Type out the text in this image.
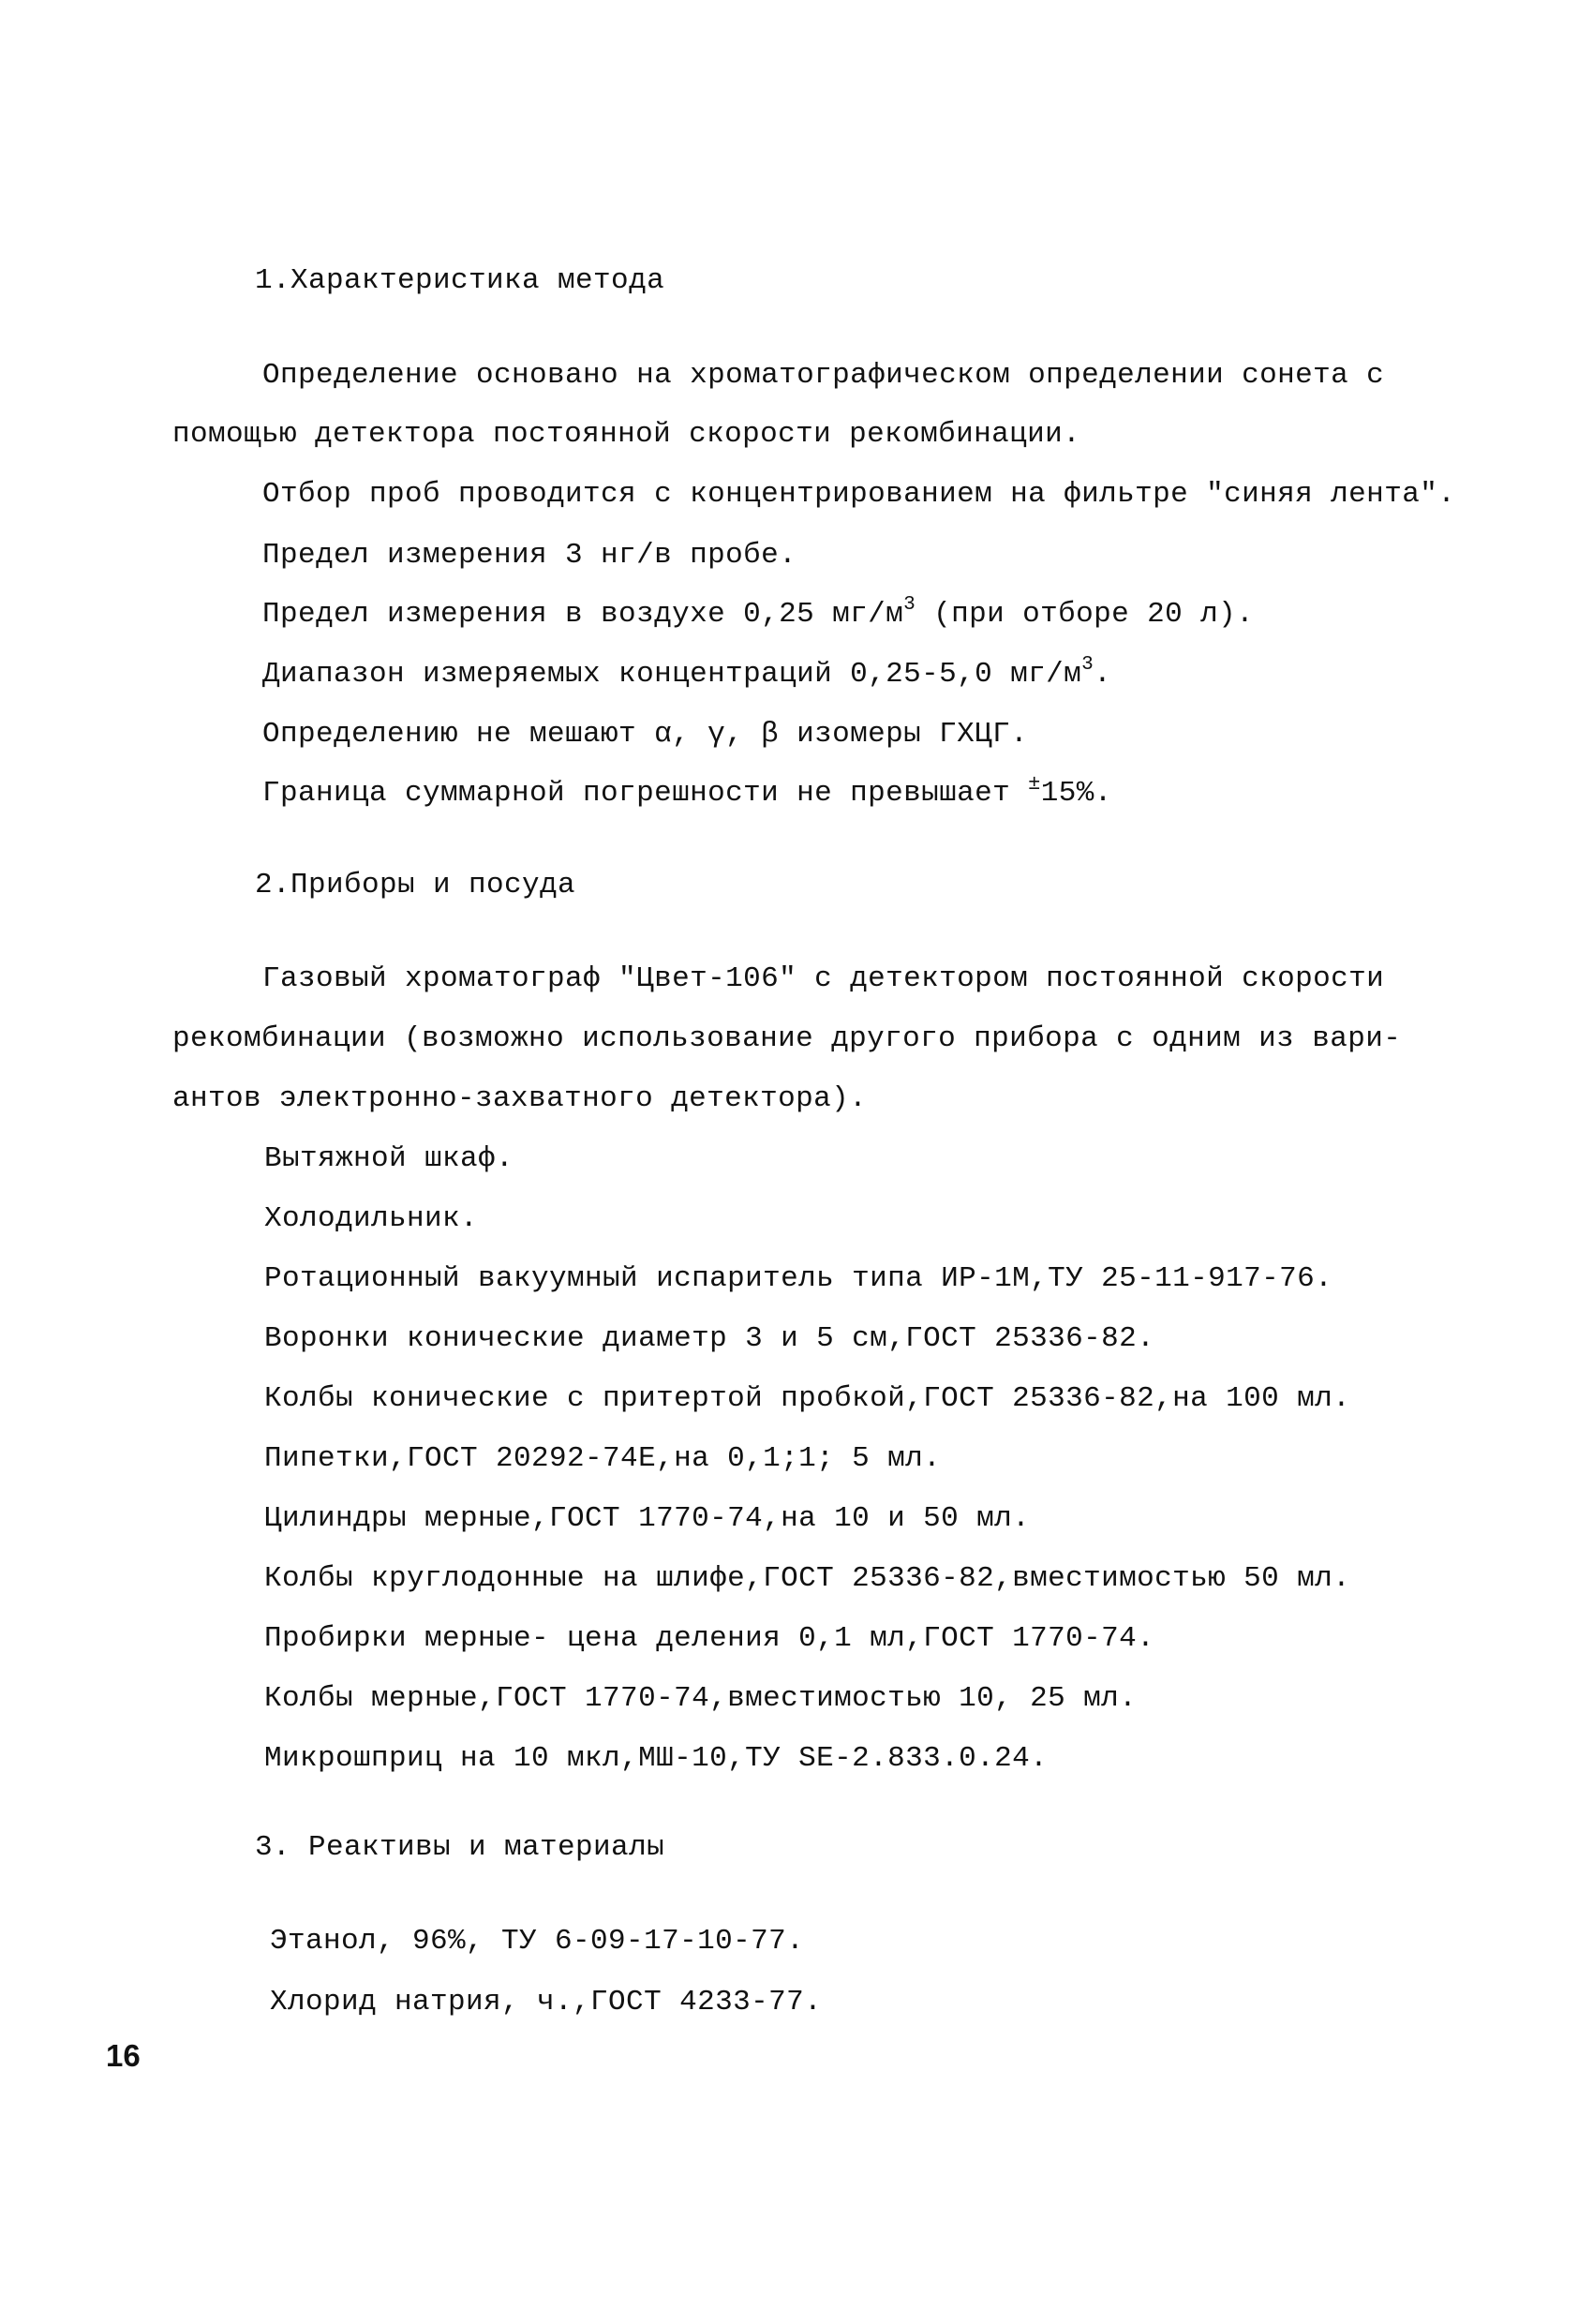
1.Характеристика метода
Определение основано на хроматографическом определении сонета с
помощью детектора постоянной скорости рекомбинации.
Отбор проб проводится с концентрированием на фильтре "синяя лента".
Предел измерения 3 нг/в пробе.
Предел измерения в воздухе 0,25 $мг/м^3$ (при отборе 20 л).
Диапазон измеряемых концентраций 0,25-5,0 $мг/м^3$.
Определению не мешают α, γ, β изомеры ГХЦГ.
Граница суммарной погрешности не превышает ±15%.
2.Приборы и посуда
Газовый хроматограф "Цвет-106" с детектором постоянной скорости
рекомбинации (возможно использование другого прибора с одним из вари-
антов электронно-захватного детектора).
Вытяжной шкаф.
Холодильник.
Ротационный вакуумный испаритель типа ИР-1М,ТУ 25-11-917-76.
Воронки конические диаметр 3 и 5 см,ГОСТ 25336-82.
Колбы конические с притертой пробкой,ГОСТ 25336-82,на 100 мл.
Пипетки,ГОСТ 20292-74Е,на 0,1;1; 5 мл.
Цилиндры мерные,ГОСТ 1770-74,на 10 и 50 мл.
Колбы круглодонные на шлифе,ГОСТ 25336-82,вместимостью 50 мл.
Пробирки мерные- цена деления 0,1 мл,ГОСТ 1770-74.
Колбы мерные,ГОСТ 1770-74,вместимостью 10, 25 мл.
Микрошприц на 10 мкл,МШ-10,ТУ SE-2.833.0.24.
3. Реактивы и материалы
Этанол, 96%, ТУ 6-09-17-10-77.
Хлорид натрия, ч.,ГОСТ 4233-77.
16
